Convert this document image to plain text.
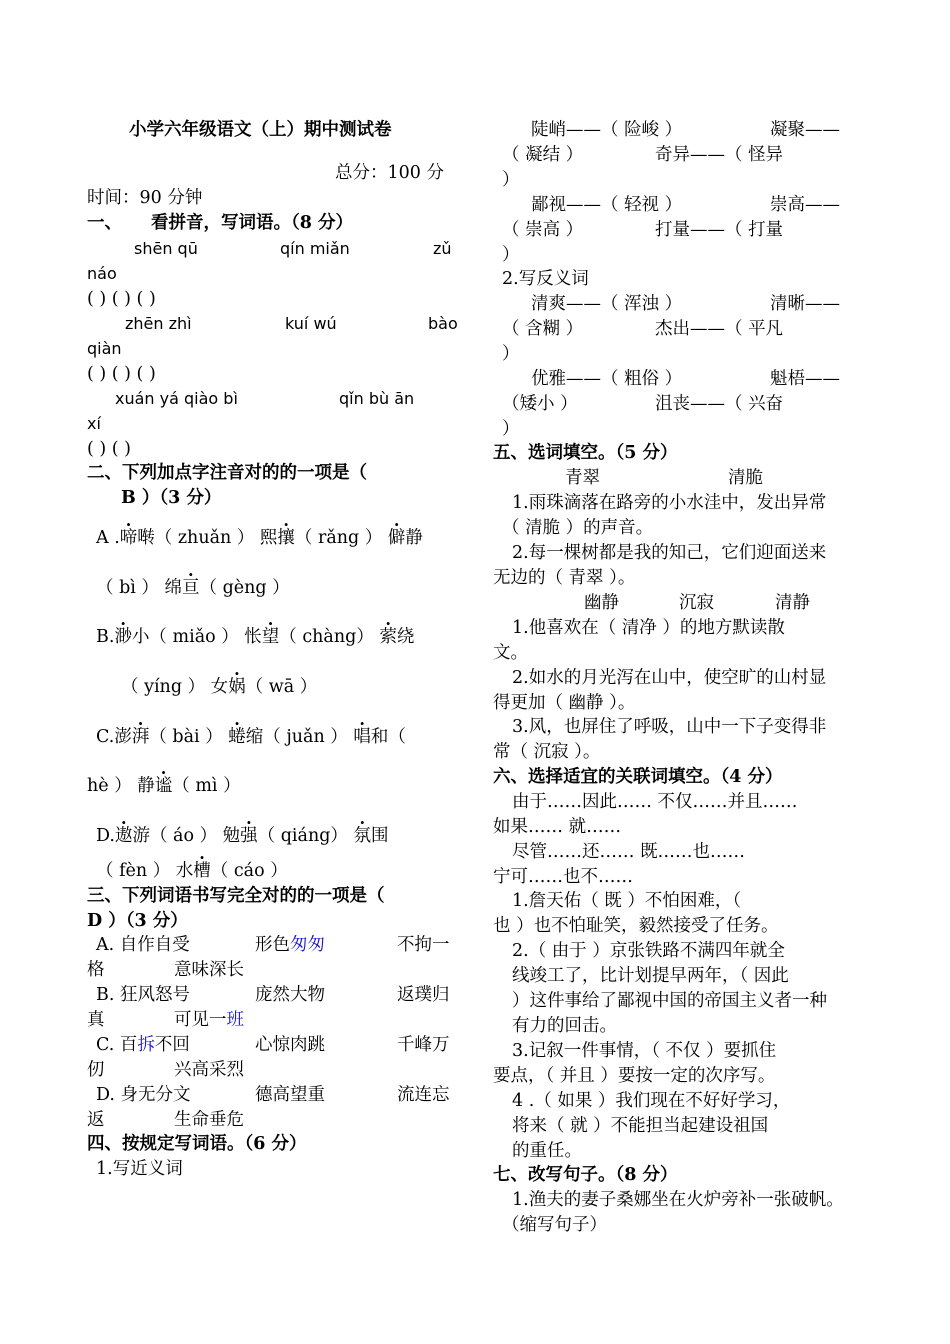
小学六年级语文（上）期中测试卷
总分：100 分
时间：90 分钟
一、 看拼音，写词语。（8 分）
shēn qū	qín miǎn	zǔ
náo
( ) ( ) ( )
zhēn zhì	kuí wú	bào
qiàn
( ) ( ) ( )
xuán yá qiào bì	qǐn bù ān
xí
( ) ( )
二、下列加点字注音对的的一项是（
B ）（3 分）
A .啼啭（ zhuǎn ） 熙攘（ rǎng ） 僻静
（ bì ） 绵亘（ gèng ）
B.渺小（ miǎo ） 怅望（ chàng） 萦绕
（ yíng ） 女娲（ wā ）
C.澎湃（ bài ） 蜷缩（ juǎn ） 唱和（
hè ） 静谧（ mì ）
D.遨游（ áo ） 勉强（ qiáng） 氛围
（ fèn ） 水槽（ cáo ）
三、下列词语书写完全对的的一项是（
D ）（3 分）
A. 自作自受	形色匆匆	不拘一
格	意味深长
B. 狂风怒号	庞然大物	返璞归
真	可见一班
C. 百拆不回	心惊肉跳	千峰万
仞	兴高采烈
D. 身无分文	德高望重	流连忘
返	生命垂危
四、按规定写词语。（6 分）
1.写近义词
陡峭——（ 险峻 ）	凝聚——
（ 凝结 ）	奇异——（ 怪异
）
鄙视——（ 轻视 ）	崇高——
（ 崇高 ）	打量——（ 打量
）
2.写反义词
清爽——（ 浑浊 ）	清晰——
（ 含糊 ）	杰出——（ 平凡
）
优雅——（ 粗俗 ）	魁梧——
（矮小 ）	沮丧——（ 兴奋
）
五、选词填空。（5 分）
青翠	清脆
1.雨珠滴落在路旁的小水洼中，发出异常
（ 清脆 ）的声音。
2.每一棵树都是我的知己，它们迎面送来
无边的（ 青翠 ）。
幽静	沉寂	清静
1.他喜欢在（ 清净 ）的地方默读散
文。
2.如水的月光泻在山中，使空旷的山村显
得更加（ 幽静 ）。
3.风，也屏住了呼吸，山中一下子变得非
常（ 沉寂 ）。
六、选择适宜的关联词填空。（4 分）
由于……因此…… 不仅……并且……
如果…… 就……
尽管……还…… 既……也……
宁可……也不……
1.詹天佑（ 既 ）不怕困难，（
也 ）也不怕耻笑，毅然接受了任务。
2.（ 由于 ）京张铁路不满四年就全
线竣工了，比计划提早两年，（ 因此
）这件事给了鄙视中国的帝国主义者一种
有力的回击。
3.记叙一件事情，（ 不仅 ）要抓住
要点，（ 并且 ）要按一定的次序写。
4 .（ 如果 ）我们现在不好好学习，
将来（ 就 ）不能担当起建设祖国
的重任。
七、改写句子。（8 分）
1.渔夫的妻子桑娜坐在火炉旁补一张破帆。
（缩写句子）
